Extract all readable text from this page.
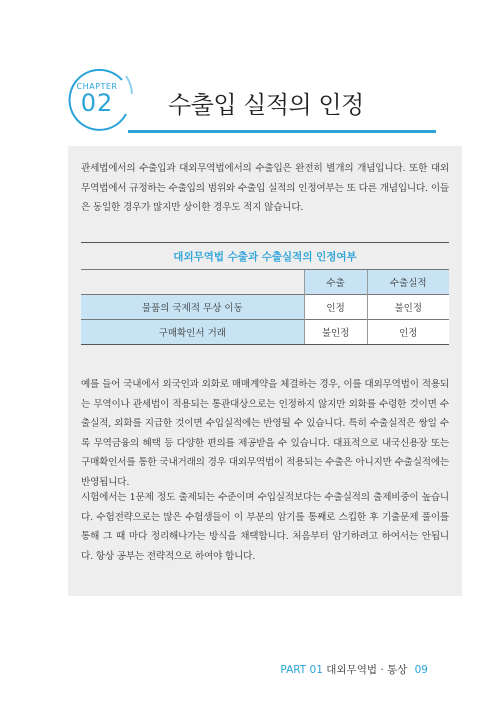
CHAPTER
02	수출입 실적의 인정
관세법에서의 수출입과 대외무역법에서의 수출입은 완전히 별개의 개념입니다. 또한 대외무역법에서 규정하는 수출입의 범위와 수출입 실적의 인정여부는 또 다른 개념입니다. 이들은 동일한 경우가 많지만 상이한 경우도 적지 않습니다.
대외무역법 수출과 수출실적의 인정여부
	수출	수출실적
물품의 국제적 무상 이동	인정	불인정
구매확인서 거래	불인정	인정
예를 들어 국내에서 외국인과 외화로 매매계약을 체결하는 경우, 이를 대외무역법이 적용되는 무역이나 관세법이 적용되는 통관대상으로는 인정하지 않지만 외화를 수령한 것이면 수출실적, 외화를 지급한 것이면 수입실적에는 반영될 수 있습니다. 특히 수출실적은 쌍일 수록 무역금융의 혜택 등 다양한 편의를 제공받을 수 있습니다. 대표적으로 내국신용장 또는 구매확인서를 통한 국내거래의 경우 대외무역법이 적용되는 수출은 아니지만 수출실적에는 반영됩니다.
시험에서는 1문제 정도 출제되는 수준이며 수입실적보다는 수출실적의 출제비중이 높습니다. 수험전략으로는 많은 수험생들이 이 부분의 암기를 통째로 스킵한 후 기출문제 풀이를 통해 그 때 마다 정리해나가는 방식을 채택합니다. 처음부터 암기하려고 하여서는 안됩니다. 항상 공부는 전략적으로 하여야 합니다.
PART 01 대외무역법 · 통상 09
